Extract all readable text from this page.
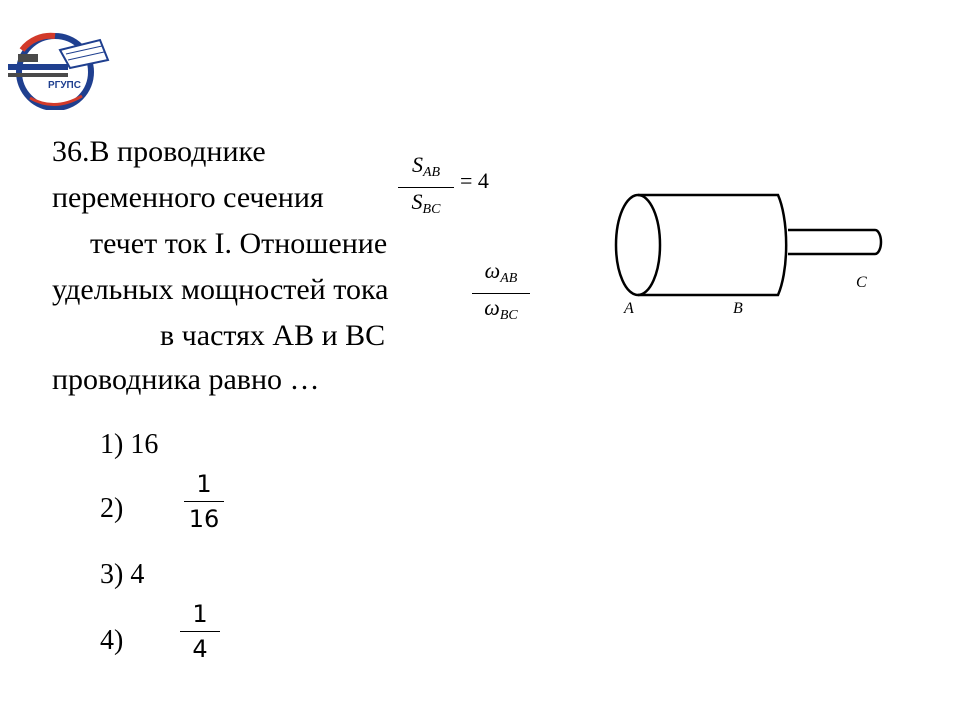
РГУПС
36.В проводнике
переменного сечения
течет ток I. Отношение
удельных мощностей тока
в частях АВ и ВС
проводника равно …
$S_{AB}$
$S_{BC}$
= 4
$\omega_{AB}$
$\omega_{BC}$	A	B
C
1) 16
2)
1
16
3) 4
4)
1
4
